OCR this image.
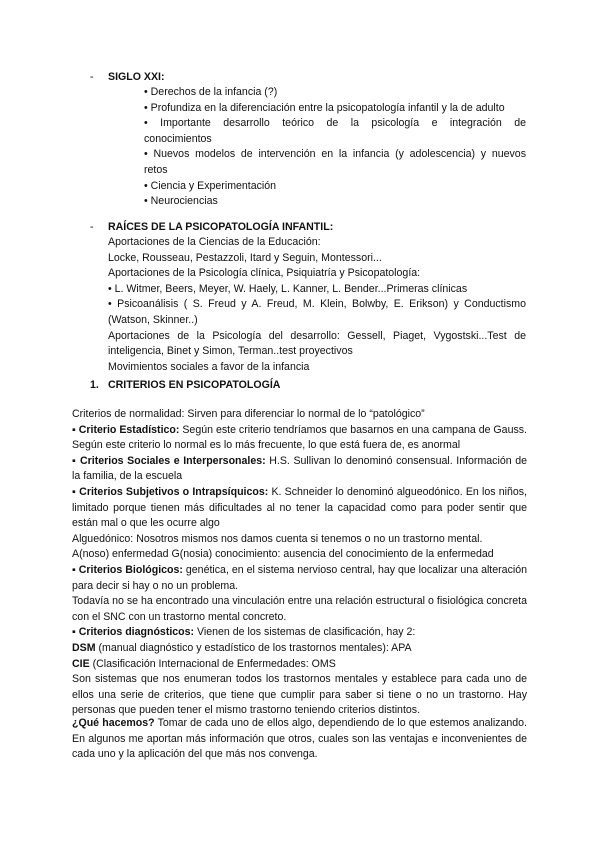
- SIGLO XXI:
• Derechos de la infancia (?)
• Profundiza en la diferenciación entre la psicopatología infantil y la de adulto
• Importante desarrollo teórico de la psicología e integración de
conocimientos
• Nuevos modelos de intervención en la infancia (y adolescencia) y nuevos
retos
• Ciencia y Experimentación
• Neurociencias
- RAÍCES DE LA PSICOPATOLOGÍA INFANTIL:
Aportaciones de la Ciencias de la Educación:
Locke, Rousseau, Pestazzoli, Itard y Seguin, Montessori...
Aportaciones de la Psicología clínica, Psiquiatría y Psicopatología:
• L. Witmer, Beers, Meyer, W. Haely, L. Kanner, L. Bender...Primeras clínicas
• Psicoanálisis ( S. Freud y A. Freud, M. Klein, Bolwby, E. Erikson) y Conductismo
(Watson, Skinner..)
Aportaciones de la Psicología del desarrollo: Gessell, Piaget, Vygostski...Test de
inteligencia, Binet y Simon, Terman..test proyectivos
Movimientos sociales a favor de la infancia
1. CRITERIOS EN PSICOPATOLOGÍA
Criterios de normalidad: Sirven para diferenciar lo normal de lo “patológico”
▪ Criterio Estadístico: Según este criterio tendríamos que basarnos en una campana de Gauss. Según este criterio lo normal es lo más frecuente, lo que está fuera de, es anormal
▪ Criterios Sociales e Interpersonales: H.S. Sullivan lo denominó consensual. Información de la familia, de la escuela
▪ Criterios Subjetivos o Intrapsíquicos: K. Schneider lo denominó algueodónico. En los niños, limitado porque tienen más dificultades al no tener la capacidad como para poder sentir que están mal o que les ocurre algo
Alguedónico: Nosotros mismos nos damos cuenta si tenemos o no un trastorno mental.
A(noso) enfermedad G(nosia) conocimiento: ausencia del conocimiento de la enfermedad
▪ Criterios Biológicos: genética, en el sistema nervioso central, hay que localizar una alteración para decir si hay o no un problema.
Todavía no se ha encontrado una vinculación entre una relación estructural o fisiológica concreta con el SNC con un trastorno mental concreto.
▪ Criterios diagnósticos: Vienen de los sistemas de clasificación, hay 2:
DSM (manual diagnóstico y estadístico de los trastornos mentales): APA
CIE (Clasificación Internacional de Enfermedades: OMS
Son sistemas que nos enumeran todos los trastornos mentales y establece para cada uno de ellos una serie de criterios, que tiene que cumplir para saber si tiene o no un trastorno. Hay personas que pueden tener el mismo trastorno teniendo criterios distintos.
¿Qué hacemos? Tomar de cada uno de ellos algo, dependiendo de lo que estemos analizando. En algunos me aportan más información que otros, cuales son las ventajas e inconvenientes de cada uno y la aplicación del que más nos convenga.
